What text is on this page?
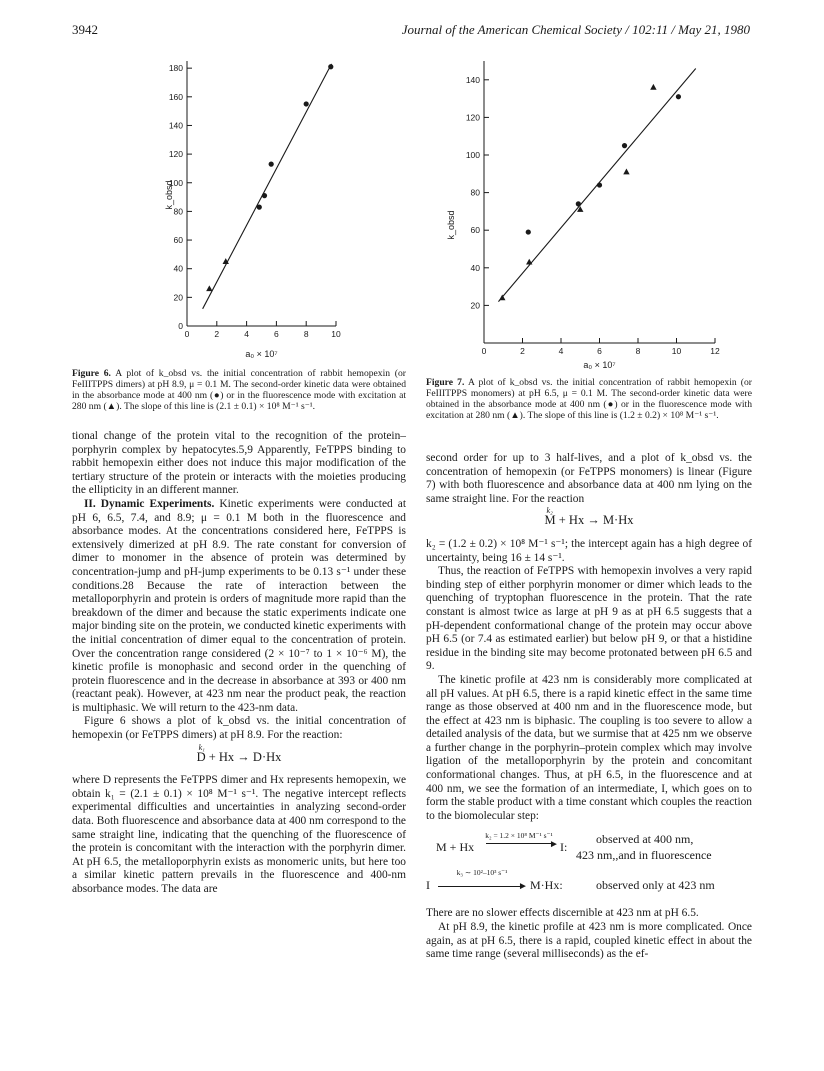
3942	Journal of the American Chemical Society / 102:11 / May 21, 1980
0
20
40
60
80
100
120
140
160
180
0	2	4	6	8	10
k_obsd
a₀ × 10⁷
20
40
60
80
100
120
140
0	2	4	6	8	10	12
k_obsd
a₀ × 10⁷
Figure 6. A plot of k_obsd vs. the initial concentration of rabbit hemopexin (or FeIIITPPS dimers) at pH 8.9, μ = 0.1 M. The second-order kinetic data were obtained in the absorbance mode at 400 nm (●) or in the fluorescence mode with excitation at 280 nm (▲). The slope of this line is (2.1 ± 0.1) × 10⁸ M⁻¹ s⁻¹.
Figure 7. A plot of k_obsd vs. the initial concentration of rabbit hemopexin (or FeIIITPPS monomers) at pH 6.5, μ = 0.1 M. The second-order kinetic data were obtained in the absorbance mode at 400 nm (●) or in the fluorescence mode with excitation at 280 nm (▲). The slope of this line is (1.2 ± 0.2) × 10⁸ M⁻¹ s⁻¹.

tional change of the protein vital to the recognition of the protein–porphyrin complex by hepatocytes.5,9 Apparently, FeTPPS binding to rabbit hemopexin either does not induce this major modification of the tertiary structure of the protein or interacts with the moieties producing the ellipticity in an different manner.

II. Dynamic Experiments. Kinetic experiments were conducted at pH 6, 6.5, 7.4, and 8.9; μ = 0.1 M both in the fluorescence and absorbance modes. At the concentrations considered here, FeTPPS is extensively dimerized at pH 8.9. The rate constant for conversion of dimer to monomer in the absence of protein was determined by concentration-jump and pH-jump experiments to be 0.13 s⁻¹ under these conditions.28 Because the rate of interaction between the metalloporphyrin and protein is orders of magnitude more rapid than the breakdown of the dimer and because the static experiments indicate one major binding site on the protein, we conducted kinetic experiments with the initial concentration of dimer equal to the concentration of protein. Over the concentration range considered (2 × 10⁻⁷ to 1 × 10⁻⁶ M), the kinetic profile is monophasic and second order in the quenching of protein fluorescence and in the decrease in absorbance at 393 or 400 nm (reactant peak). However, at 423 nm near the product peak, the reaction is multiphasic. We will return to the 423-nm data.

Figure 6 shows a plot of k_obsd vs. the initial concentration of hemopexin (or FeTPPS dimers) at pH 8.9. For the reaction:

k₁
D + Hx → D·Hx

where D represents the FeTPPS dimer and Hx represents hemopexin, we obtain k₁ = (2.1 ± 0.1) × 10⁸ M⁻¹ s⁻¹. The negative intercept reflects experimental difficulties and uncertainties in analyzing second-order data. Both fluorescence and absorbance data at 400 nm correspond to the same straight line, indicating that the quenching of the fluorescence of the protein is concomitant with the interaction with the porphyrin dimer. At pH 6.5, the metalloporphyrin exists as monomeric units, but here too a similar kinetic pattern prevails in the fluorescence and 400-nm absorbance modes. The data are

second order for up to 3 half-lives, and a plot of k_obsd vs. the concentration of hemopexin (or FeTPPS monomers) is linear (Figure 7) with both fluorescence and absorbance data at 400 nm lying on the same straight line. For the reaction

k₂
M + Hx → M·Hx

k₂ = (1.2 ± 0.2) × 10⁸ M⁻¹ s⁻¹; the intercept again has a high degree of uncertainty, being 16 ± 14 s⁻¹.

Thus, the reaction of FeTPPS with hemopexin involves a very rapid binding step of either porphyrin monomer or dimer which leads to the quenching of tryptophan fluorescence in the protein. That the rate constant is almost twice as large at pH 9 as at pH 6.5 suggests that a pH-dependent conformational change of the protein may occur above pH 6.5 (or 7.4 as estimated earlier) but below pH 9, or that a histidine residue in the binding site may become protonated between pH 6.5 and 9.

The kinetic profile at 423 nm is considerably more complicated at all pH values. At pH 6.5, there is a rapid kinetic effect in the same time range as those observed at 400 nm and in the fluorescence mode, but the effect at 423 nm is biphasic. The coupling is too severe to allow a detailed analysis of the data, but we surmise that at 425 nm we observe a further change in the porphyrin–protein complex which may involve ligation of the metalloporphyrin by the protein and concomitant conformational changes. Thus, at pH 6.5, in the fluorescence and at 400 nm, we see the formation of an intermediate, I, which goes on to form the stable product with a time constant which couples the reaction to the biomolecular step:

M + Hx
k₂ = 1.2 × 10⁸ M⁻¹ s⁻¹
► I:
observed at 400 nm,
423 nm,,and in fluorescence
I
k₃ ∼ 10²–10³ s⁻¹
► M·Hx:	observed only at 423 nm

There are no slower effects discernible at 423 nm at pH 6.5.

At pH 8.9, the kinetic profile at 423 nm is more complicated. Once again, as at pH 6.5, there is a rapid, coupled kinetic effect in about the same time range (several milliseconds) as the ef-
